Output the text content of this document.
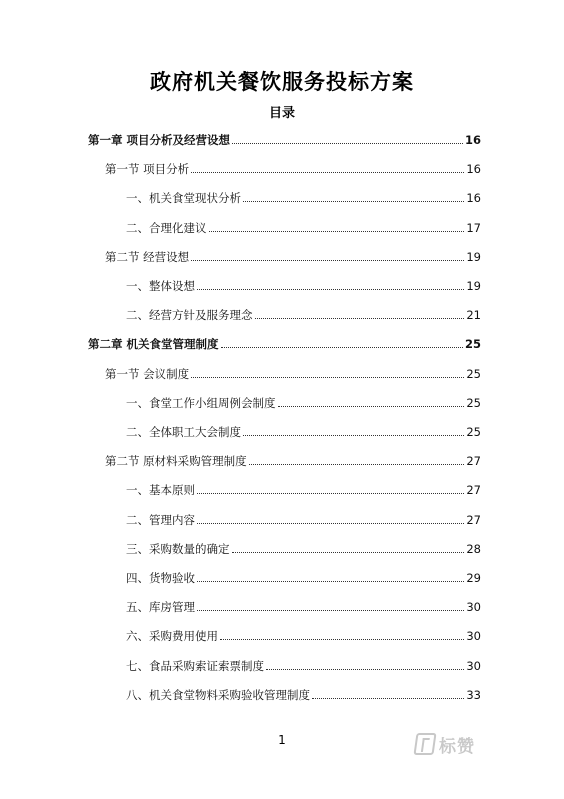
政府机关餐饮服务投标方案
目录
第一章 项目分析及经营设想	16
第一节 项目分析	16
一、机关食堂现状分析	16
二、合理化建议	17
第二节 经营设想	19
一、整体设想	19
二、经营方针及服务理念	21
第二章 机关食堂管理制度	25
第一节 会议制度	25
一、食堂工作小组周例会制度	25
二、全体职工大会制度	25
第二节 原材料采购管理制度	27
一、基本原则	27
二、管理内容	27
三、采购数量的确定	28
四、货物验收	29
五、库房管理	30
六、采购费用使用	30
七、食品采购索证索票制度	30
八、机关食堂物料采购验收管理制度	33
1	标赞
